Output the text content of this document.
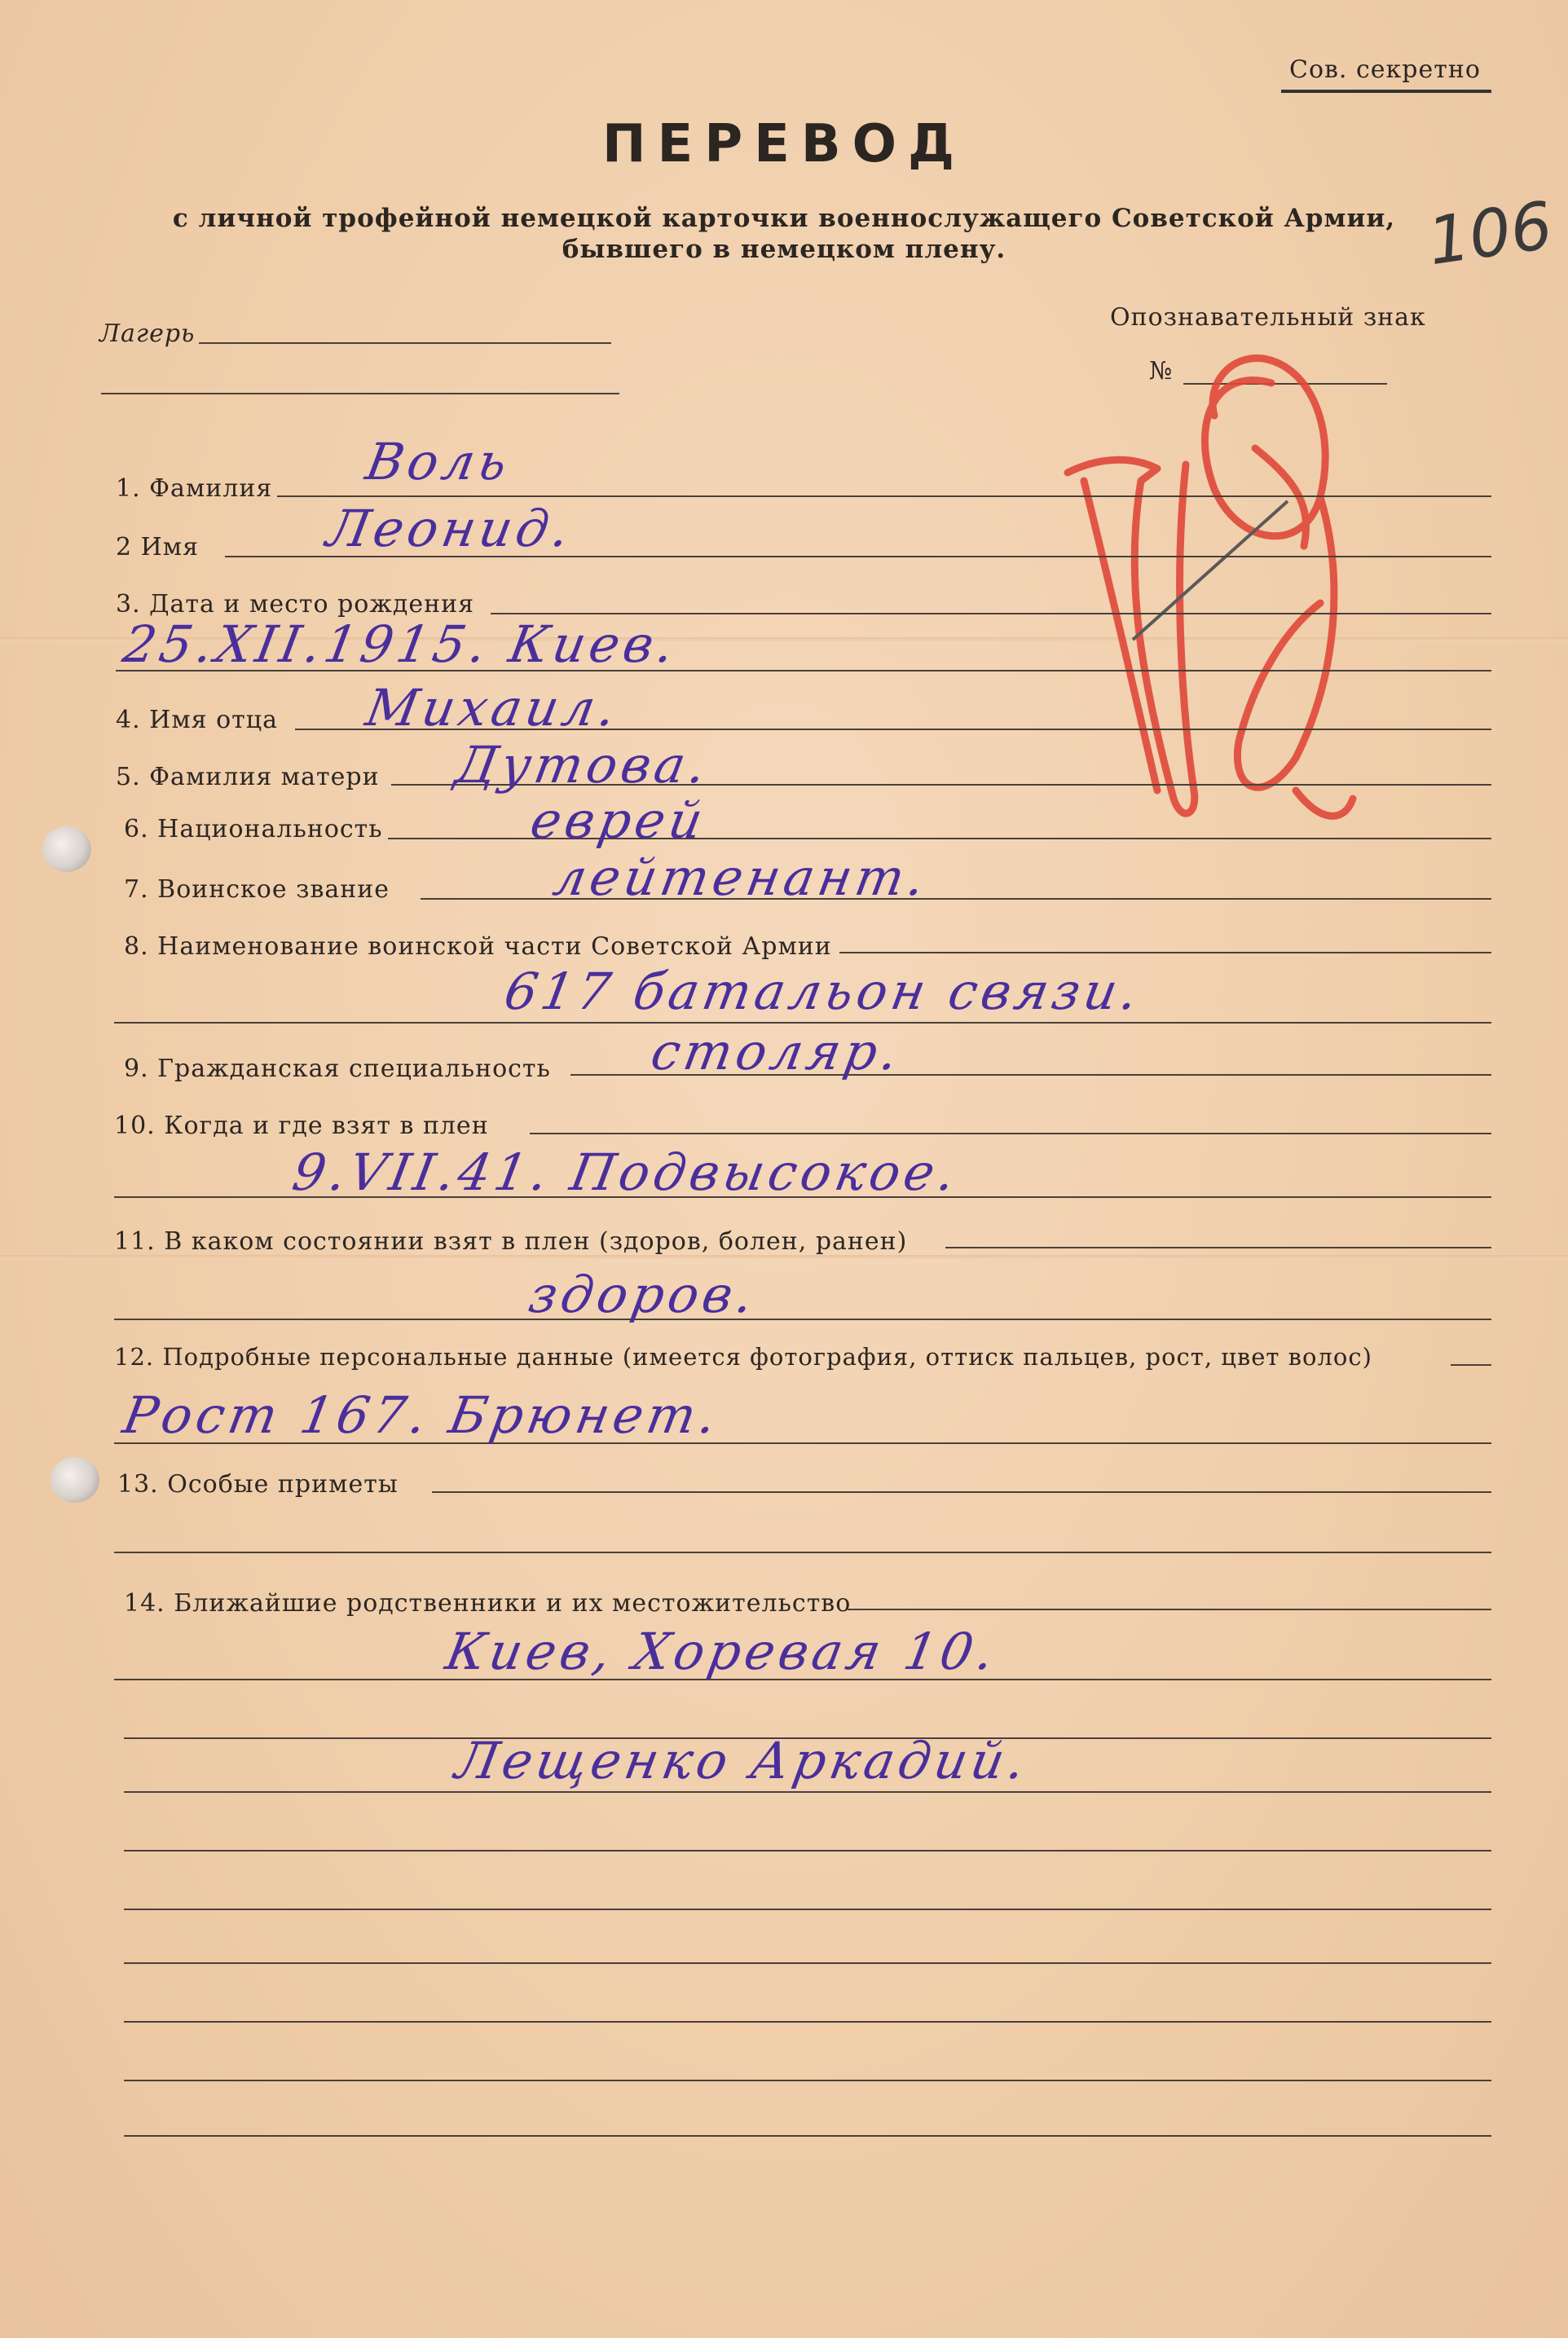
Сов. секретно
ПЕРЕВОД
с личной трофейной немецкой карточки военнослужащего Советской Армии,
бывшего в немецком плену.	106
Лагерь
Опознавательный знак
№
1. Фамилия Воль
2 Имя Леонид.
3. Дата и место рождения
25.XII.1915. Киев.
4. Имя отца Михаил.
5. Фамилия матери Дутова.
6. Национальность	еврей
7. Воинское звание	лейтенант.
8. Наименование воинской части Советской Армии
617 батальон связи.
9. Гражданская специальность столяр.
10. Когда и где взят в плен
9.VII.41. Подвысокое.
11. В каком состоянии взят в плен (здоров, болен, ранен)
здоров.
12. Подробные персональные данные (имеется фотография, оттиск пальцев, рост, цвет волос)
Рост 167. Брюнет.
13. Особые приметы
14. Ближайшие родственники и их местожительство
Киев, Хоревая 10.
Лещенко Аркадий.
